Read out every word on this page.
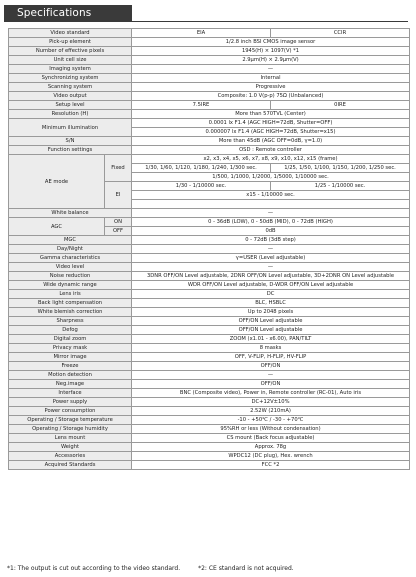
Specifications
Video standard		EIA	CCIR
Pick-up element		1/2.8 inch BSI CMOS image sensor	
Number of effective pixels		1945(H) × 1097(V) *1	
Unit cell size		2.9µm(H) × 2.9µm(V)	
Imaging system		—	
Synchronizing system		Internal	
Scanning system		Progressive	
Video output		Composite: 1.0 V(p-p) 75Ω (Unbalanced)	
Setup level		7.5IRE	0IRE
Resolution (H)		More than 570TVL (Center)	
Minimum illumination		0.0001 lx F1.4 (AGC HIGH=72dB, Shutter=OFF)	
		0.000007 lx F1.4 (AGC HIGH=72dB, Shutter=x15)	
S/N		More than 45dB (AGC OFF=0dB, γ=1.0)	
Function settings		OSD : Remote controller	
AE mode	Fixed	x2, x3, x4, x5, x6, x7, x8, x9, x10, x12, x15 (frame)	
		1/30, 1/60, 1/120, 1/180, 1/240, 1/300 sec.	1/25, 1/50, 1/100, 1/150, 1/200, 1/250 sec.
		1/500, 1/1000, 1/2000, 1/5000, 1/10000 sec.	
	EI	1/30 - 1/10000 sec.	1/25 - 1/10000 sec.
		x15 - 1/10000 sec.	

White balance		—	
AGC	ON	0 - 36dB (LOW), 0 - 50dB (MID), 0 - 72dB (HIGH)	
	OFF	0dB	
MGC		0 - 72dB (3dB step)	
Day/Night		—	
Gamma characteristics		γ=USER (Level adjustable)	
Video level		—	
Noise reduction		3DNR OFF/ON Level adjustable, 2DNR OFF/ON Level adjustable, 3D+2DNR ON Level adjustable	
Wide dynamic range		WDR OFF/ON Level adjustable, D-WDR OFF/ON Level adjustable	
Lens iris		DC	
Back light compensation		BLC, HSBLC	
White blemish correction		Up to 2048 pixels	
Sharpness		OFF/ON Level adjustable	
Defog		OFF/ON Level adjustable	
Digital zoom		ZOOM (x1.01 - x6.00), PAN/TILT	
Privacy mask		8 masks	
Mirror image		OFF, V-FLIP, H-FLIP, HV-FLIP	
Freeze		OFF/ON	
Motion detection		—	
Neg.image		OFF/ON	
Interface		BNC (Composite video), Power in, Remote controller (RC-01), Auto iris	
Power supply		DC+12V±10%	
Power consumption		2.52W (210mA)	
Operating / Storage temperature		-10 - +50℃ / -30 - +70℃	
Operating / Storage humidity		95%RH or less (Without condensation)	
Lens mount		CS mount (Back focus adjustable)	
Weight		Approx. 78g	
Accessories		WPDC12 (DC plug), Hex. wrench	
Acquired Standards		FCC *2	
*1: The output is cut out according to the video standard.	*2: CE standard is not acquired.
